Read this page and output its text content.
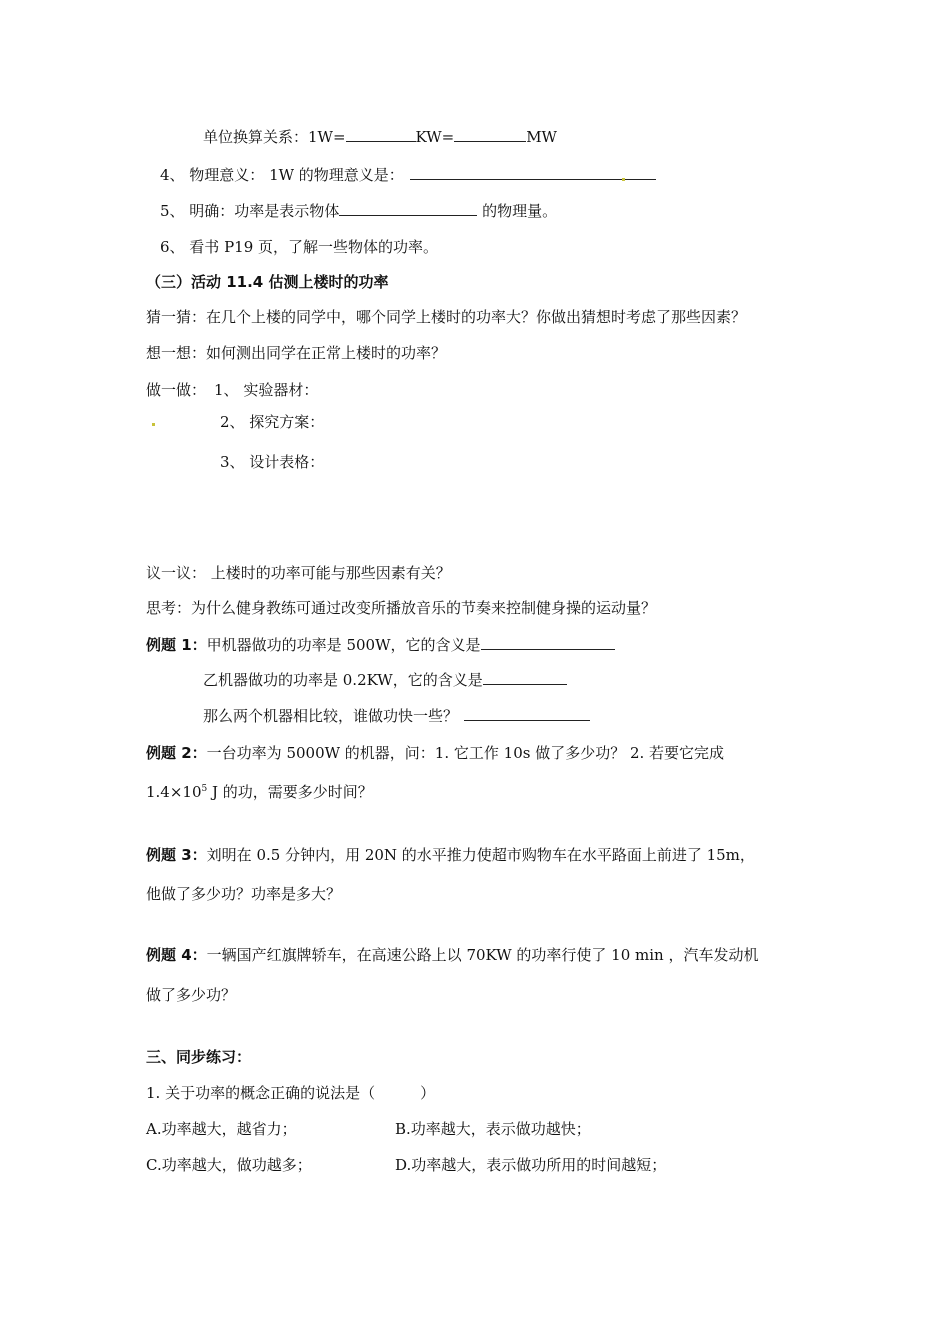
单位换算关系：1W=	KW=	MW
4、 物理意义： 1W 的物理意义是：
5、 明确：功率是表示物体	的物理量。
6、 看书 P19 页，了解一些物体的功率。
（三）活动 11.4 估测上楼时的功率
猜一猜：在几个上楼的同学中，哪个同学上楼时的功率大？你做出猜想时考虑了那些因素？
想一想：如何测出同学在正常上楼时的功率？
做一做： 1、 实验器材：
2、 探究方案：
3、 设计表格：
议一议： 上楼时的功率可能与那些因素有关？
思考：为什么健身教练可通过改变所播放音乐的节奏来控制健身操的运动量？
例题 1：甲机器做功的功率是 500W，它的含义是
乙机器做功的功率是 0.2KW，它的含义是
那么两个机器相比较，谁做功快一些？
例题 2：一台功率为 5000W 的机器，问：1. 它工作 10s 做了多少功？ 2. 若要它完成
$1.4\times 10^5$ J 的功，需要多少时间？
例题 3：刘明在 0.5 分钟内，用 20N 的水平推力使超市购物车在水平路面上前进了 15m，
他做了多少功？功率是多大？
例题 4：一辆国产红旗牌轿车，在高速公路上以 70KW 的功率行使了 10 min ，汽车发动机
做了多少功？
三、同步练习：
1. 关于功率的概念正确的说法是（　　　）
A.功率越大，越省力；	B.功率越大，表示做功越快；
C.功率越大，做功越多；	D.功率越大，表示做功所用的时间越短；
